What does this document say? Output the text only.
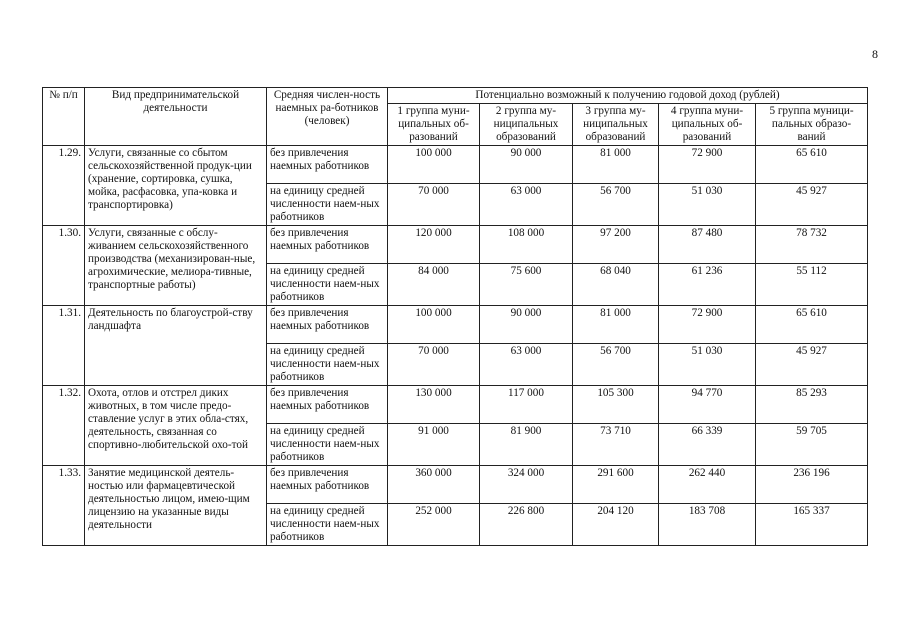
8
№ п/п	Вид предпринимательской деятельности	Средняя числен-ность наемных ра-ботников (человек)	Потенциально возможный к получению годовой доход (рублей)				
			1 группа муни-ципальных об-разований	2 группа му-ниципальных образований	3 группа му-ниципальных образований	4 группа муни-ципальных об-разований	5 группа муници-пальных образо-ваний
1.29.	Услуги, связанные со сбытом сельскохозяйственной продук-ции (хранение, сортировка, сушка, мойка, расфасовка, упа-ковка и транспортировка)	без привлечения наемных работников	100 000	90 000	81 000	72 900	65 610
		на единицу средней численности наем-ных работников	70 000	63 000	56 700	51 030	45 927
1.30.	Услуги, связанные с обслу-живанием сельскохозяйственного производства (механизирован-ные, агрохимические, мелиора-тивные, транспортные работы)	без привлечения наемных работников	120 000	108 000	97 200	87 480	78 732
		на единицу средней численности наем-ных работников	84 000	75 600	68 040	61 236	55 112
1.31.	Деятельность по благоустрой-ству ландшафта	без привлечения наемных работников	100 000	90 000	81 000	72 900	65 610
		на единицу средней численности наем-ных работников	70 000	63 000	56 700	51 030	45 927
1.32.	Охота, отлов и отстрел диких животных, в том числе предо-ставление услуг в этих обла-стях, деятельность, связанная со спортивно-любительской охо-той	без привлечения наемных работников	130 000	117 000	105 300	94 770	85 293
		на единицу средней численности наем-ных работников	91 000	81 900	73 710	66 339	59 705
1.33.	Занятие медицинской деятель-ностью или фармацевтической деятельностью лицом, имею-щим лицензию на указанные виды деятельности	без привлечения наемных работников	360 000	324 000	291 600	262 440	236 196
		на единицу средней численности наем-ных работников	252 000	226 800	204 120	183 708	165 337
